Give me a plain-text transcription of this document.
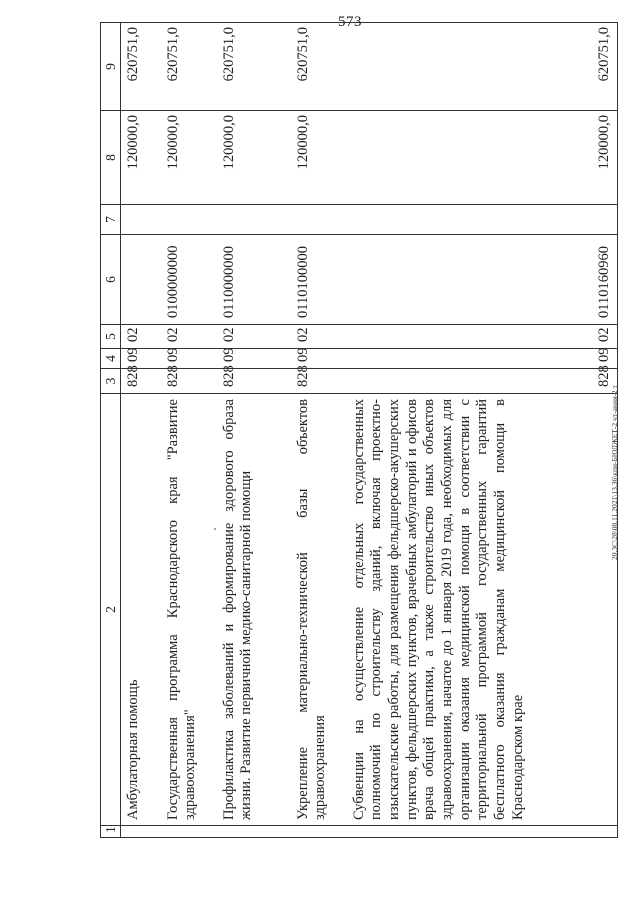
573
1	2	3	4	5	6	7	8	9
	Амбулаторная помощь	828	09	02			120000,0	620751,0
	Государственная программа Краснодарского края "Развитие здравоохранения"	828	09	02	0100000000		120000,0	620751,0
	Профилактика заболеваний и формирование здорового образа жизни. Развитие первичной медико-санитарной помощи	828	09	02	0110000000		120000,0	620751,0
	Укрепление материально-технической базы объектов здравоохранения	828	09	02	0110100000		120000,0	620751,0
	Субвенции на осуществление отдельных государственных полномочий по строительству зданий, включая проектно-изыскательские работы, для размещения фельдшерско-акушерских пунктов, фельдшерских пунктов, врачебных амбулаторий и офисов врача общей практики, а также строительство иных объектов здравоохранения, начатое до 1 января 2019 года, необходимых для организации оказания медицинской помощи в соответствии с территориальной программой государственных гарантий бесплатного оказания гражданам медицинской помощи в Краснодарском крае	828	09	02	0110160960		120000,0	620751,0
20.3С\28\08.11.2021\13.36\кпи-БЮДЖЕТ-2 чт-ания-2 т
